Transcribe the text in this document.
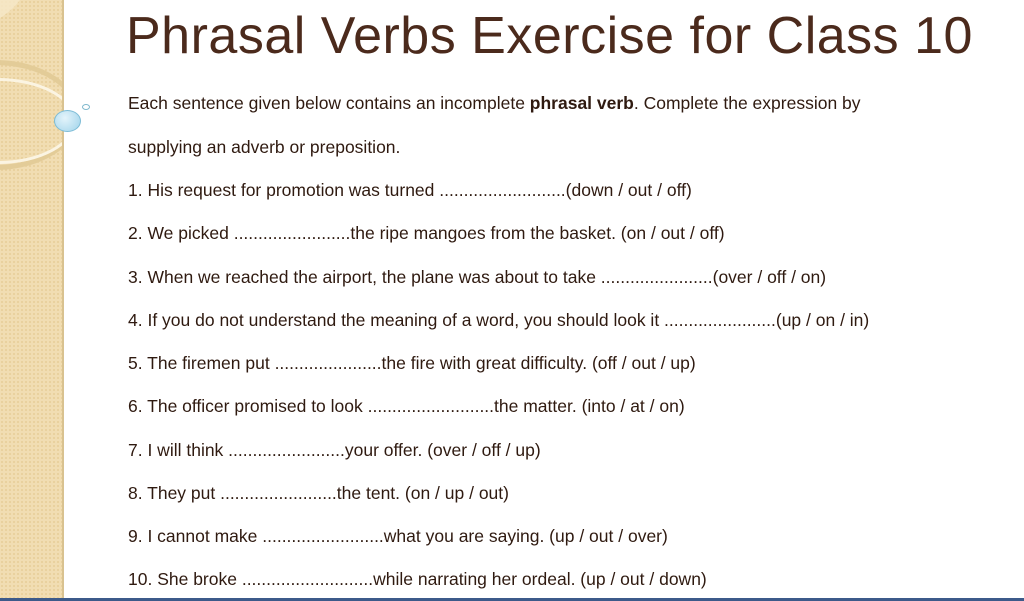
Phrasal Verbs Exercise for Class 10
Each sentence given below contains an incomplete phrasal verb. Complete the expression by
supplying an adverb or preposition.
1. His request for promotion was turned ..........................(down / out / off)
2. We picked ........................the ripe mangoes from the basket. (on / out / off)
3. When we reached the airport, the plane was about to take .......................(over / off / on)
4. If you do not understand the meaning of a word, you should look it .......................(up / on / in)
5. The firemen put ......................the fire with great difficulty. (off / out / up)
6. The officer promised to look ..........................the matter. (into / at / on)
7. I will think ........................your offer. (over / off / up)
8. They put ........................the tent. (on / up / out)
9. I cannot make .........................what you are saying. (up / out / over)
10. She broke ...........................while narrating her ordeal. (up / out / down)
